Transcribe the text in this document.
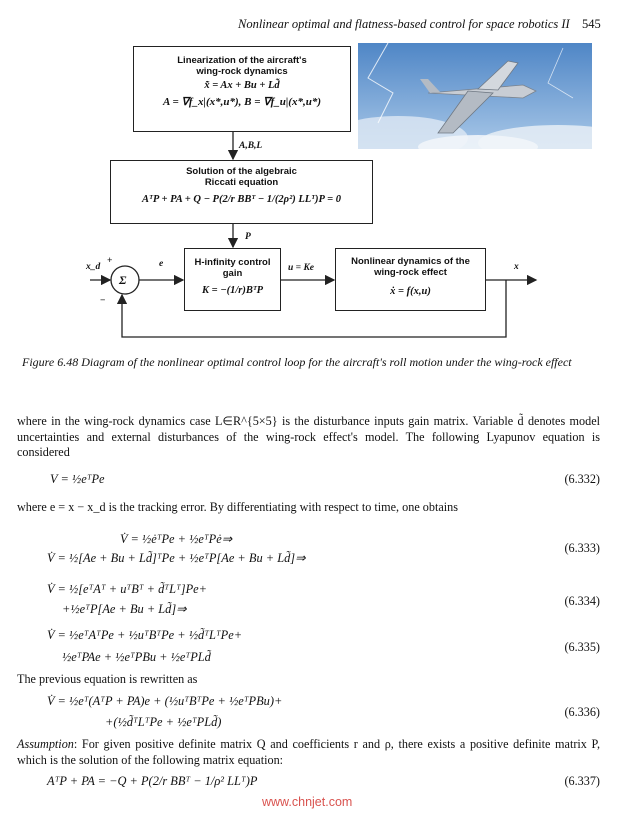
Nonlinear optimal and flatness-based control for space robotics II 545
Linearization of the aircraft's wing-rock dynamics
x̃̇ = Ax + Bu + Ld̃
A = ∇f_x|(x*,u*), B = ∇f_u|(x*,u*)
Solution of the algebraic Riccati equation
AᵀP + PA + Q − P(2/r BBᵀ − 1/(2ρ²) LLᵀ)P = 0
H-infinity control gain
K = −(1/r)BᵀP
Nonlinear dynamics of the wing-rock effect
ẋ = f(x,u)
Σ
A,B,L
P
x_d
+
−
e	u = Ke	x
Figure 6.48 Diagram of the nonlinear optimal control loop for the aircraft's roll motion under the wing-rock effect
where in the wing-rock dynamics case L∈R^{5×5} is the disturbance inputs gain matrix. Variable d̃ denotes model uncertainties and external disturbances of the wing-rock effect's model. The following Lyapunov equation is considered
V = ½eᵀPe	(6.332)
where e = x − x_d is the tracking error. By differentiating with respect to time, one obtains
V̇ = ½ėᵀPe + ½eᵀPė⇒
V̇ = ½[Ae + Bu + Ld̃]ᵀPe + ½eᵀP[Ae + Bu + Ld̃]⇒
(6.333)
V̇ = ½[eᵀAᵀ + uᵀBᵀ + d̃ᵀLᵀ]Pe+
+½eᵀP[Ae + Bu + Ld̃]⇒
(6.334)
V̇ = ½eᵀAᵀPe + ½uᵀBᵀPe + ½d̃ᵀLᵀPe+
½eᵀPAe + ½eᵀPBu + ½eᵀPLd̃
(6.335)
The previous equation is rewritten as
V̇ = ½eᵀ(AᵀP + PA)e + (½uᵀBᵀPe + ½eᵀPBu)+
+(½d̃ᵀLᵀPe + ½eᵀPLd̃)
(6.336)
Assumption: For given positive definite matrix Q and coefficients r and ρ, there exists a positive definite matrix P, which is the solution of the following matrix equation:
AᵀP + PA = −Q + P(2/r BBᵀ − 1/ρ² LLᵀ)P	(6.337)
www.chnjet.com
